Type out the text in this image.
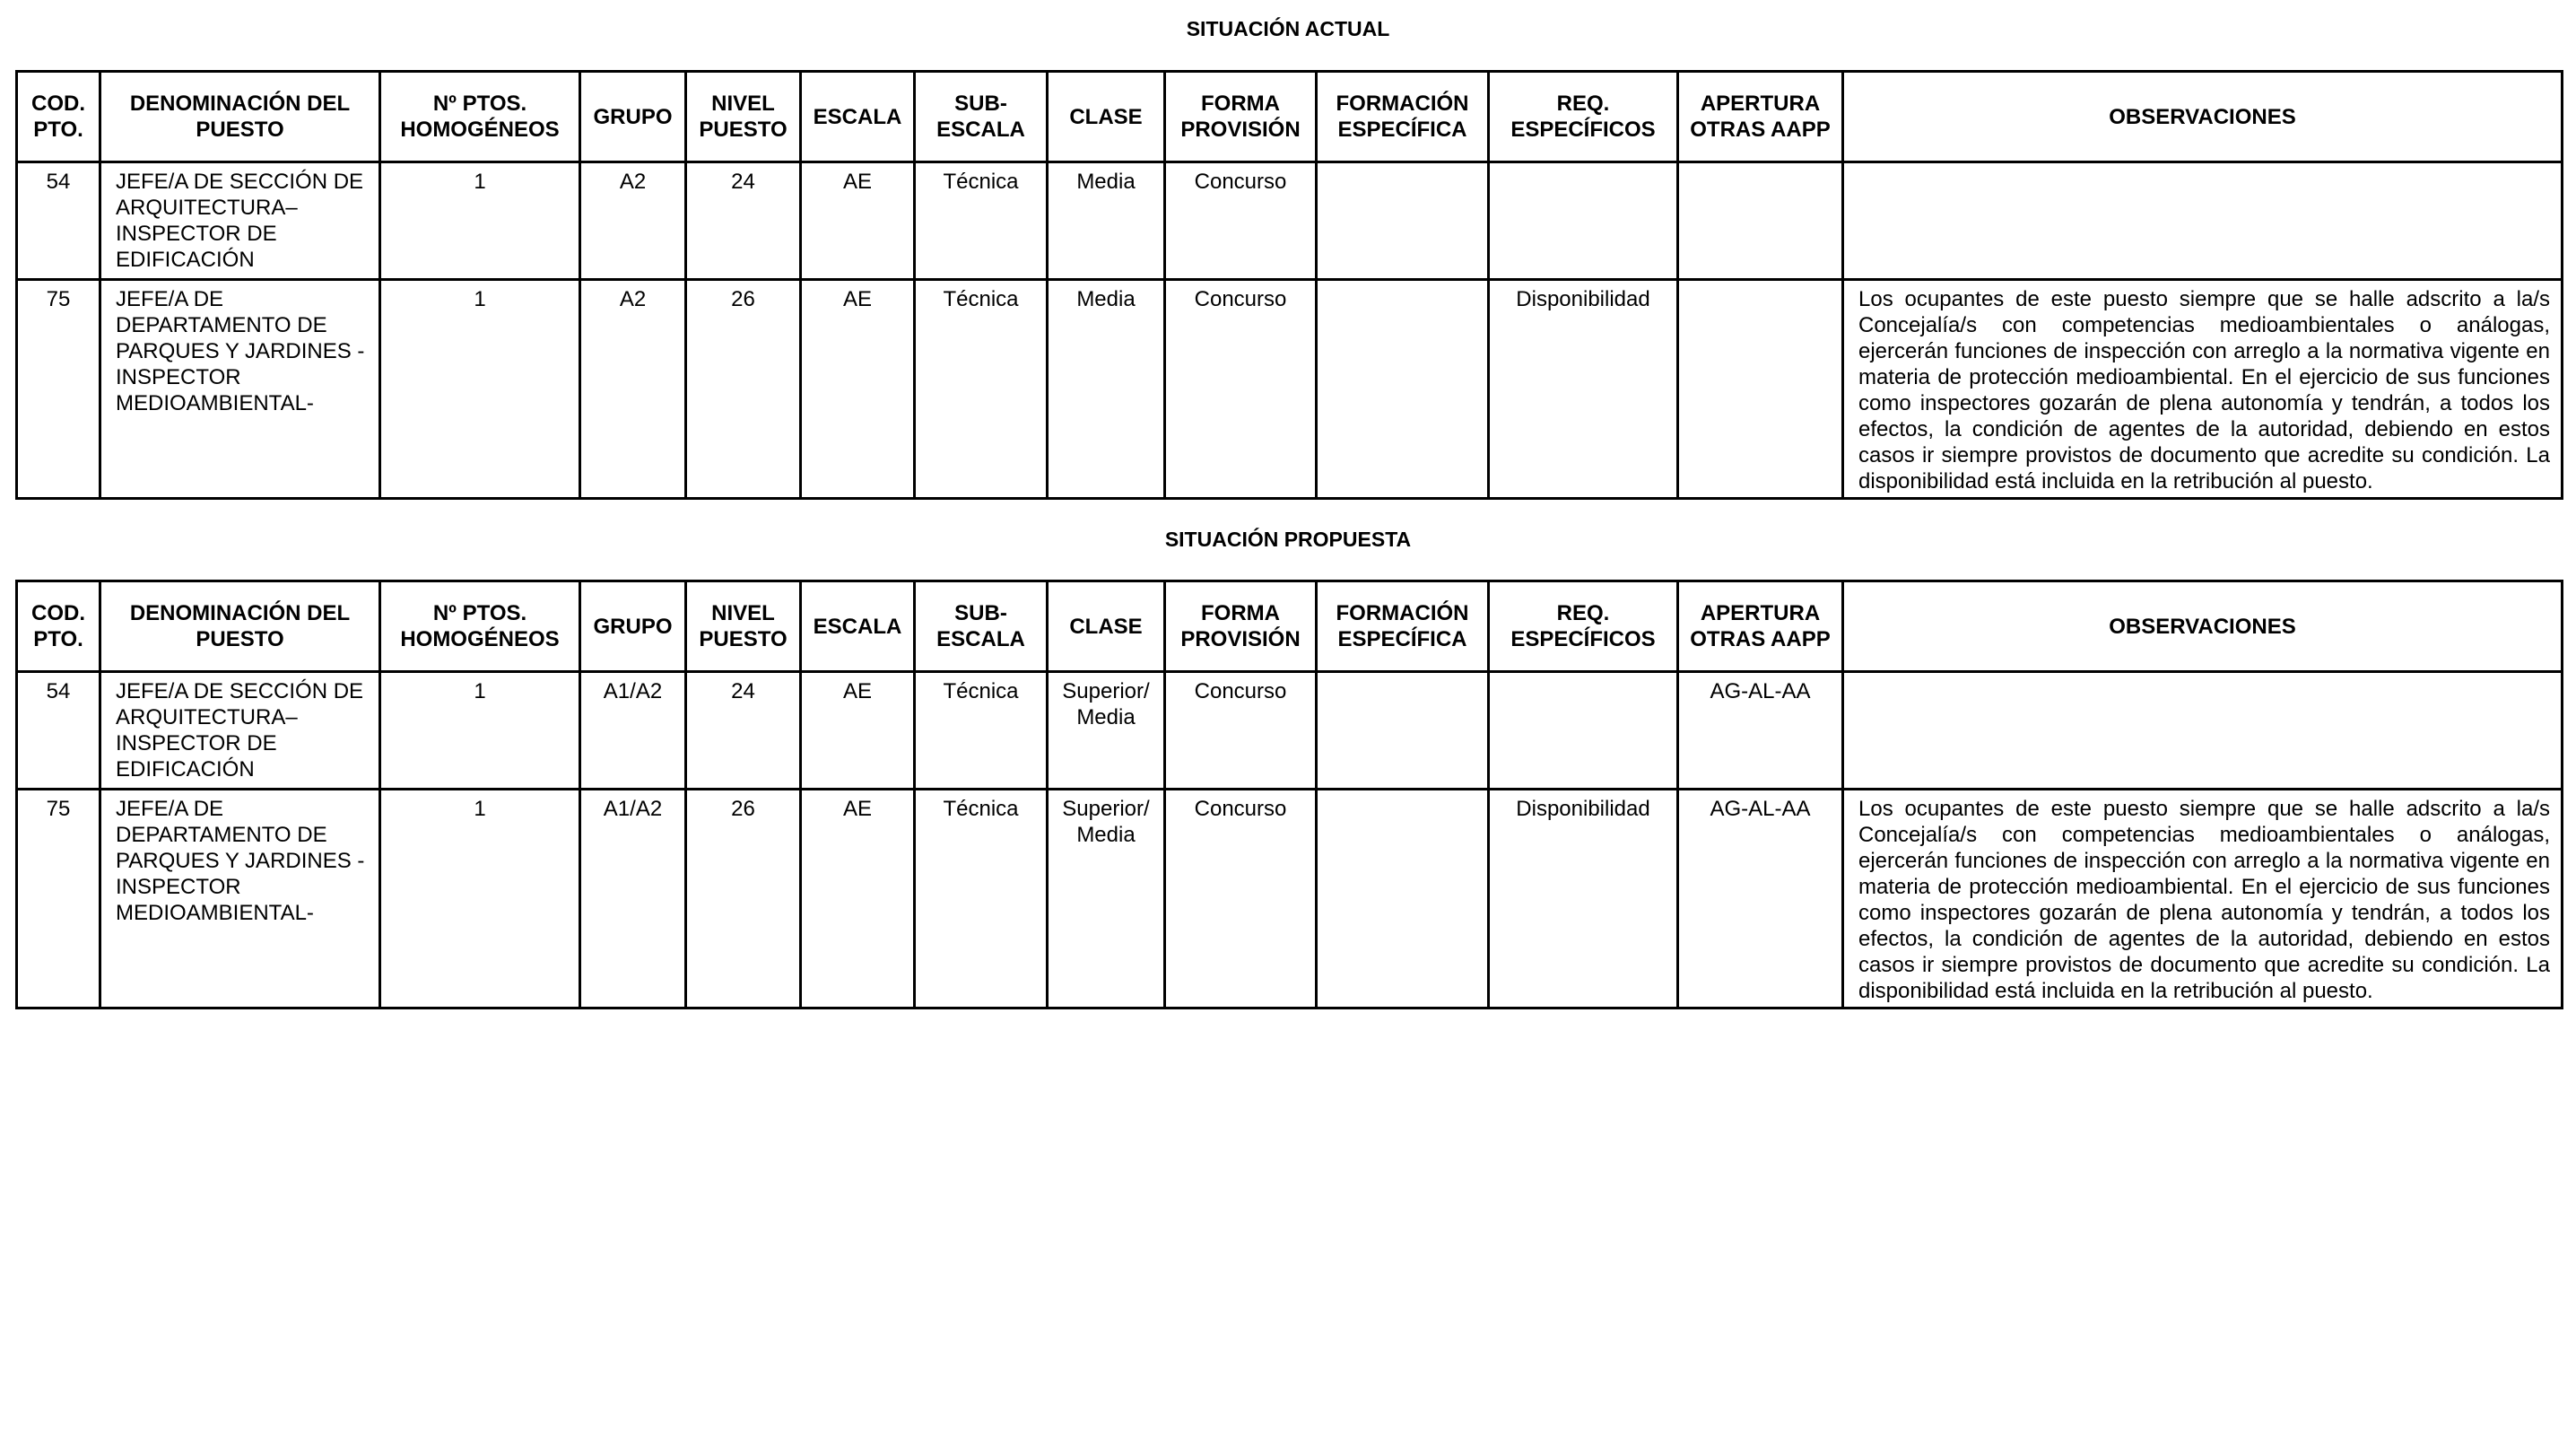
SITUACIÓN ACTUAL
COD. PTO.	DENOMINACIÓN DEL PUESTO	Nº PTOS. HOMOGÉNEOS	GRUPO	NIVEL PUESTO	ESCALA	SUB- ESCALA	CLASE	FORMA PROVISIÓN	FORMACIÓN ESPECÍFICA	REQ. ESPECÍFICOS	APERTURA OTRAS AAPP	OBSERVACIONES
54	JEFE/A DE SECCIÓN DE ARQUITECTURA– INSPECTOR DE EDIFICACIÓN	1	A2	24	AE	Técnica	Media	Concurso				
75	JEFE/A DE DEPARTAMENTO DE PARQUES Y JARDINES -INSPECTOR MEDIOAMBIENTAL-	1	A2	26	AE	Técnica	Media	Concurso		Disponibilidad		Los ocupantes de este puesto siempre que se halle adscrito a la/s Concejalía/s con competencias medioambientales o análogas, ejercerán funciones de inspección con arreglo a la normativa vigente en materia de protección medioambiental. En el ejercicio de sus funciones como inspectores gozarán de plena autonomía y tendrán, a todos los efectos, la condición de agentes de la autoridad, debiendo en estos casos ir siempre provistos de documento que acredite su condición. La disponibilidad está incluida en la retribución al puesto.
SITUACIÓN PROPUESTA
COD. PTO.	DENOMINACIÓN DEL PUESTO	Nº PTOS. HOMOGÉNEOS	GRUPO	NIVEL PUESTO	ESCALA	SUB- ESCALA	CLASE	FORMA PROVISIÓN	FORMACIÓN ESPECÍFICA	REQ. ESPECÍFICOS	APERTURA OTRAS AAPP	OBSERVACIONES
54	JEFE/A DE SECCIÓN DE ARQUITECTURA– INSPECTOR DE EDIFICACIÓN	1	A1/A2	24	AE	Técnica	Superior/ Media	Concurso			AG-AL-AA	
75	JEFE/A DE DEPARTAMENTO DE PARQUES Y JARDINES -INSPECTOR MEDIOAMBIENTAL-	1	A1/A2	26	AE	Técnica	Superior/ Media	Concurso		Disponibilidad	AG-AL-AA	Los ocupantes de este puesto siempre que se halle adscrito a la/s Concejalía/s con competencias medioambientales o análogas, ejercerán funciones de inspección con arreglo a la normativa vigente en materia de protección medioambiental. En el ejercicio de sus funciones como inspectores gozarán de plena autonomía y tendrán, a todos los efectos, la condición de agentes de la autoridad, debiendo en estos casos ir siempre provistos de documento que acredite su condición. La disponibilidad está incluida en la retribución al puesto.
